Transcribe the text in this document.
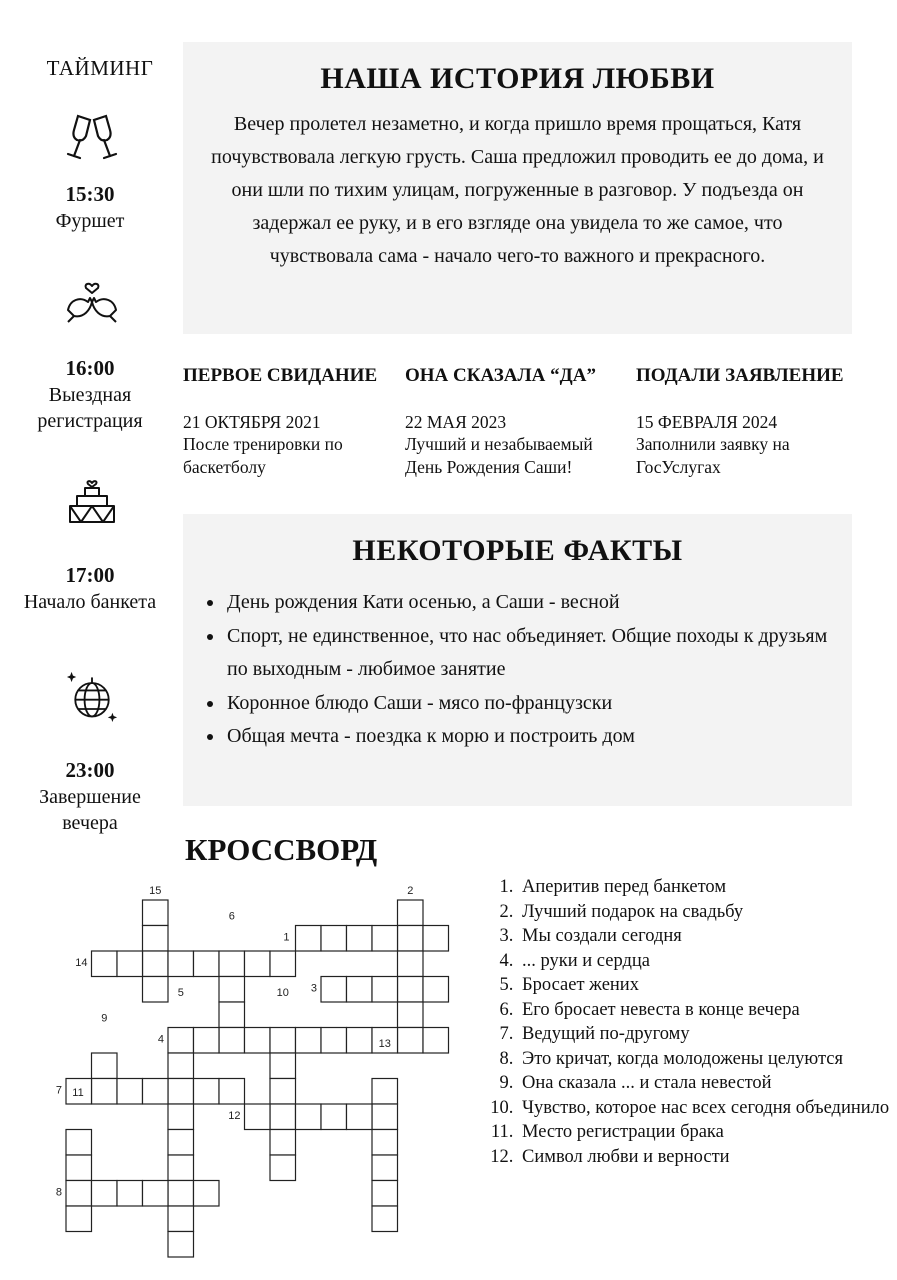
ТАЙМИНГ
15:30
Фуршет
16:00
Выездная регистрация
17:00
Начало банкета
23:00
Завершение вечера
НАША ИСТОРИЯ ЛЮБВИ
Вечер пролетел незаметно, и когда пришло время прощаться, Катя почувствовала легкую грусть. Саша предложил проводить ее до дома, и они шли по тихим улицам, погруженные в разговор. У подъезда он задержал ее руку, и в его взгляде она увидела то же самое, что чувствовала сама - начало чего-то важного и прекрасного.
ПЕРВОЕ СВИДАНИЕ
21 ОКТЯБРЯ 2021
После тренировки по баскетболу
ОНА СКАЗАЛА “ДА”
22 МАЯ 2023
Лучший и незабываемый День Рождения Саши!
ПОДАЛИ ЗАЯВЛЕНИЕ
15 ФЕВРАЛЯ 2024
Заполнили заявку на ГосУслугах
НЕКОТОРЫЕ ФАКТЫ
• День рождения Кати осенью, а Саши - весной
• Спорт, не единственное, что нас объединяет. Общие походы к друзьям по выходным - любимое занятие
• Коронное блюдо Саши - мясо по-французски
• Общая мечта - поездка к морю и построить дом
КРОССВОРД
15	2
6
1
14
3
5	10
9
4	13
7 11
12
8
1. Аперитив перед банкетом
2. Лучший подарок на свадьбу
3. Мы создали сегодня
4. ... руки и сердца
5. Бросает жених
6. Его бросает невеста в конце вечера
7. Ведущий по-другому
8. Это кричат, когда молодожены целуются
9. Она сказала ... и стала невестой
10. Чувство, которое нас всех сегодня объединило
11. Место регистрации брака
12. Символ любви и верности
